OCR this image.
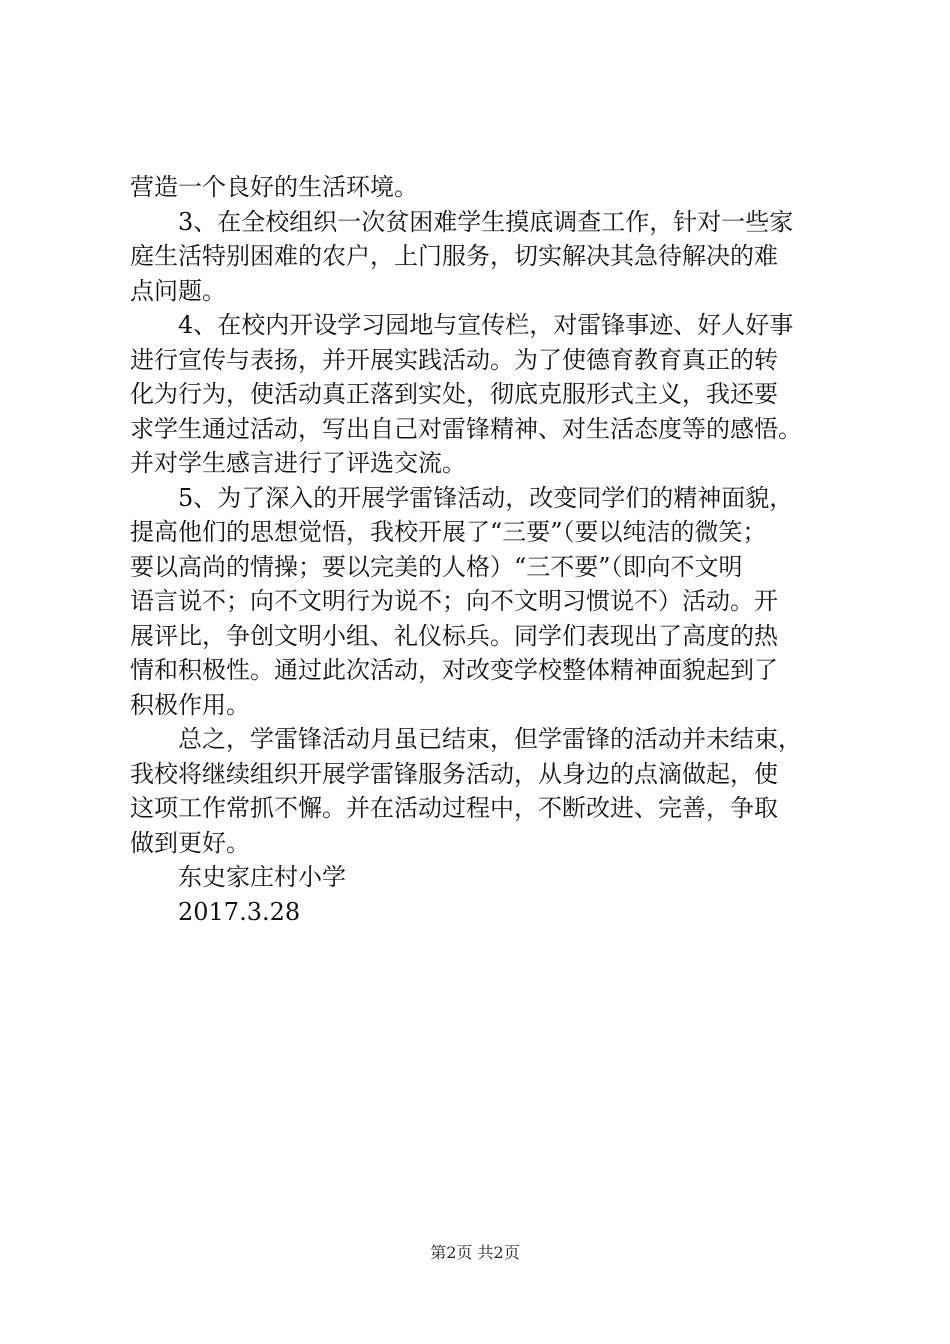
营造一个良好的生活环境。
3、在全校组织一次贫困难学生摸底调查工作，针对一些家
庭生活特别困难的农户，上门服务，切实解决其急待解决的难
点问题。
4、在校内开设学习园地与宣传栏，对雷锋事迹、好人好事
进行宣传与表扬，并开展实践活动。为了使德育教育真正的转
化为行为，使活动真正落到实处，彻底克服形式主义，我还要
求学生通过活动，写出自己对雷锋精神、对生活态度等的感悟。
并对学生感言进行了评选交流。
5、为了深入的开展学雷锋活动，改变同学们的精神面貌，
提高他们的思想觉悟，我校开展了“三要”（要以纯洁的微笑；
要以高尚的情操；要以完美的人格）“三不要”（即向不文明
语言说不；向不文明行为说不；向不文明习惯说不）活动。开
展评比，争创文明小组、礼仪标兵。同学们表现出了高度的热
情和积极性。通过此次活动，对改变学校整体精神面貌起到了
积极作用。
总之，学雷锋活动月虽已结束，但学雷锋的活动并未结束，
我校将继续组织开展学雷锋服务活动，从身边的点滴做起，使
这项工作常抓不懈。并在活动过程中，不断改进、完善，争取
做到更好。
东史家庄村小学
2017.3.28
第2页 共2页
